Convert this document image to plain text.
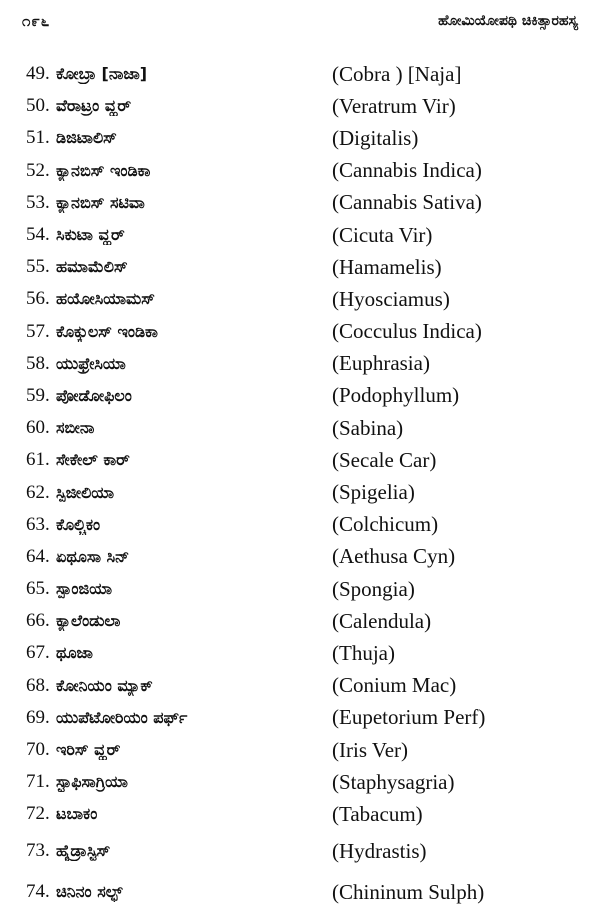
೧೯೬	ಹೋಮಿಯೋಪಥಿ ಚಿಕಿತ್ಸಾರಹಸ್ಯ
49. ಕೋಬ್ರಾ [ನಾಜಾ]	(Cobra ) [Naja]
50. ವೆರಾಟ್ರಂ ವ್ಹರ್	(Veratrum Vir)
51. ಡಿಜಿಟಾಲಿಸ್	(Digitalis)
52. ಕ್ಯಾನಬಿಸ್ ಇಂಡಿಕಾ	(Cannabis Indica)
53. ಕ್ಯಾನಬಿಸ್ ಸಟಿವಾ	(Cannabis Sativa)
54. ಸಿಕುಟಾ ವ್ಹರ್	(Cicuta Vir)
55. ಹಮಾಮೆಲಿಸ್	(Hamamelis)
56. ಹಯೋಸಿಯಾಮಸ್	(Hyosciamus)
57. ಕೊಕ್ಕುಲಸ್ ಇಂಡಿಕಾ	(Cocculus Indica)
58. ಯುಫ್ರೇಸಿಯಾ	(Euphrasia)
59. ಪೋಡೋಫಿಲಂ	(Podophyllum)
60. ಸಬೀನಾ	(Sabina)
61. ಸೇಕೇಲ್ ಕಾರ್	(Secale Car)
62. ಸ್ಪಿಜೀಲಿಯಾ	(Spigelia)
63. ಕೊಲ್ಚಿಕಂ	(Colchicum)
64. ಏಥೂಸಾ ಸಿನ್	(Aethusa Cyn)
65. ಸ್ಪಾಂಜಿಯಾ	(Spongia)
66. ಕ್ಯಾಲೆಂಡುಲಾ	(Calendula)
67. ಥೂಜಾ	(Thuja)
68. ಕೋನಿಯಂ ಮ್ಯಾಕ್	(Conium Mac)
69. ಯುಪೆಟೋರಿಯಂ ಪರ್ಫ್	(Eupetorium Perf)
70. ಇರಿಸ್ ವ್ಹರ್	(Iris Ver)
71. ಸ್ಟಾಫಿಸಾಗ್ರಿಯಾ	(Staphysagria)
72. ಟಬಾಕಂ	(Tabacum)
73. ಹೈಡ್ರಾಸ್ಟಿಸ್	(Hydrastis)
74. ಚಿನಿನಂ ಸಲ್ಫ್	(Chininum Sulph)
